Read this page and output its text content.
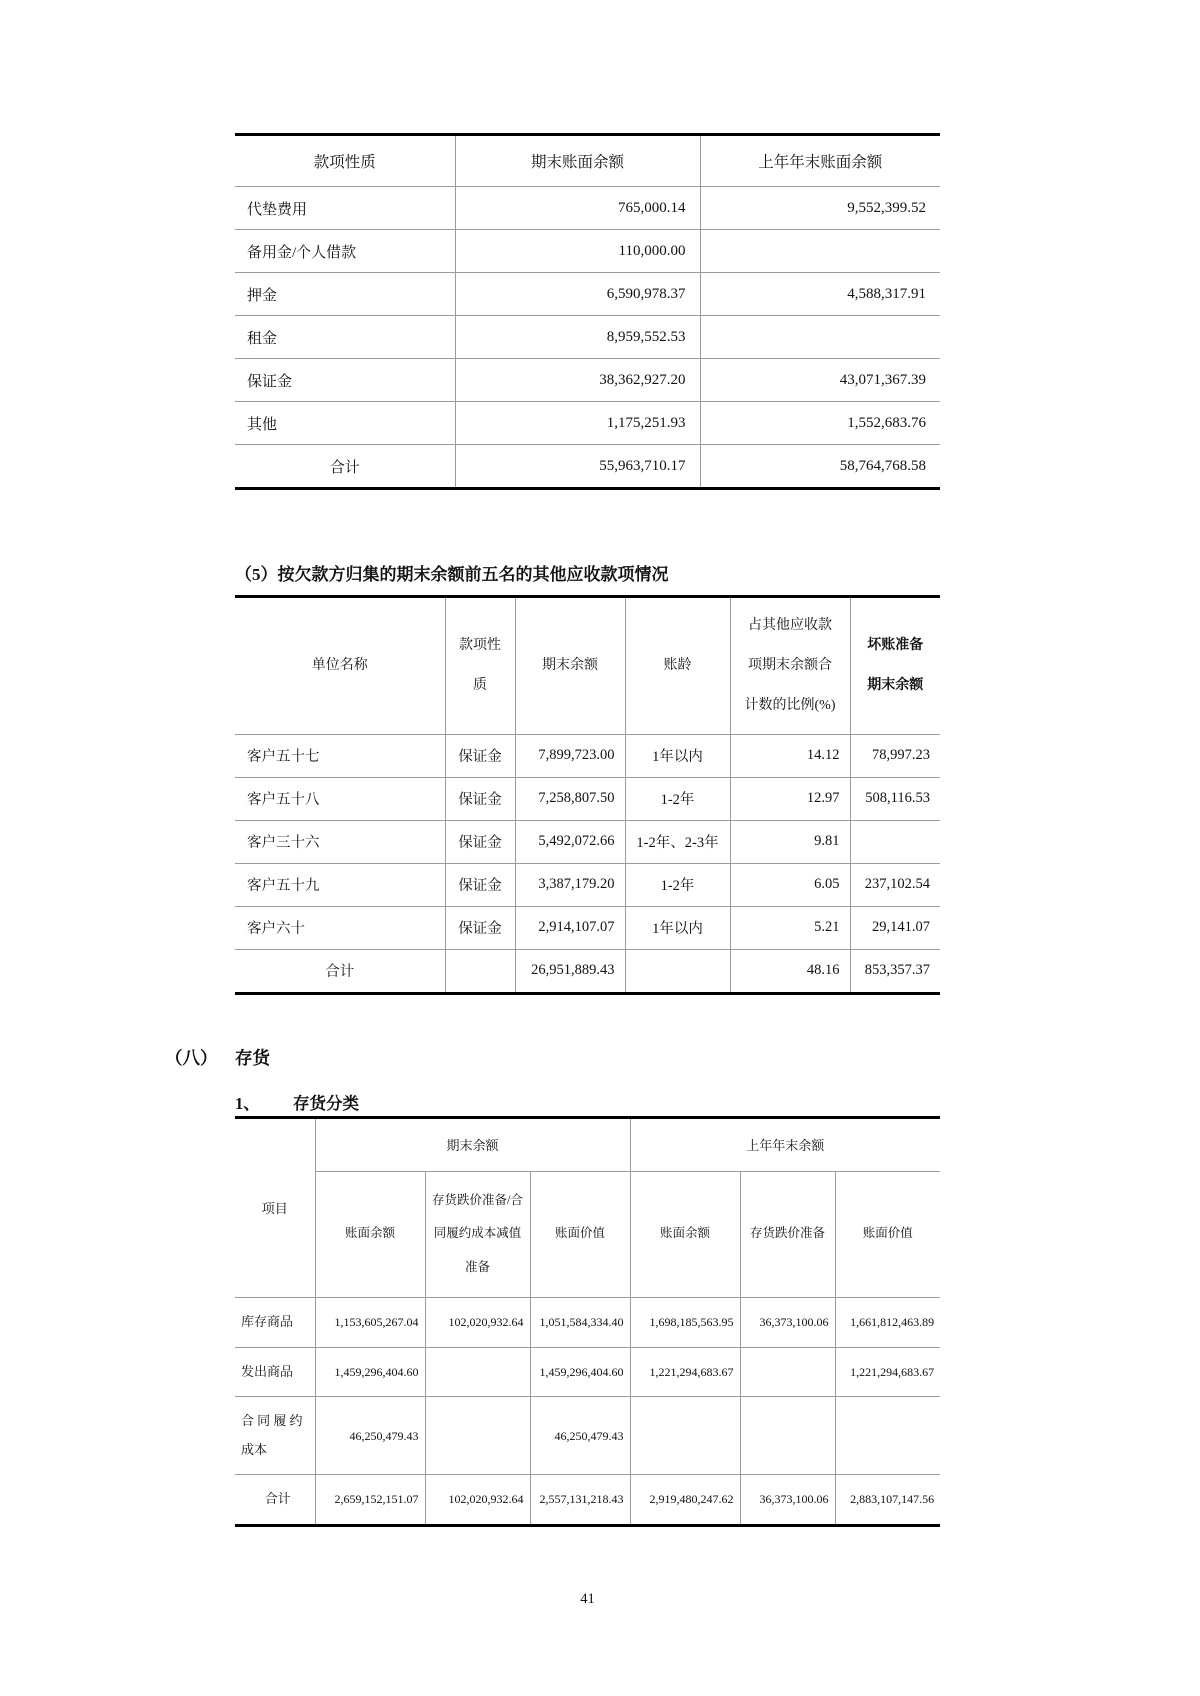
款项性质	期末账面余额	上年年末账面余额
代垫费用	765,000.14	9,552,399.52
备用金/个人借款	110,000.00	
押金	6,590,978.37	4,588,317.91
租金	8,959,552.53	
保证金	38,362,927.20	43,071,367.39
其他	1,175,251.93	1,552,683.76
合计	55,963,710.17	58,764,768.58
（5）按欠款方归集的期末余额前五名的其他应收款项情况
单位名称	款项性质	期末余额	账龄	占其他应收款项期末余额合计数的比例(%)	坏账准备期末余额
客户五十七	保证金	7,899,723.00	1年以内	14.12	78,997.23
客户五十八	保证金	7,258,807.50	1-2年	12.97	508,116.53
客户三十六	保证金	5,492,072.66	1-2年、2-3年	9.81	
客户五十九	保证金	3,387,179.20	1-2年	6.05	237,102.54
客户六十	保证金	2,914,107.07	1年以内	5.21	29,141.07
合计		26,951,889.43		48.16	853,357.37
（八）	存货
1、	存货分类
项目	期末余额			上年年末余额		
	账面余额	存货跌价准备/合同履约成本减值准备	账面价值	账面余额	存货跌价准备	账面价值
库存商品	1,153,605,267.04	102,020,932.64	1,051,584,334.40	1,698,185,563.95	36,373,100.06	1,661,812,463.89
发出商品	1,459,296,404.60		1,459,296,404.60	1,221,294,683.67		1,221,294,683.67
合同履约成本	46,250,479.43		46,250,479.43			
合计	2,659,152,151.07	102,020,932.64	2,557,131,218.43	2,919,480,247.62	36,373,100.06	2,883,107,147.56
41
